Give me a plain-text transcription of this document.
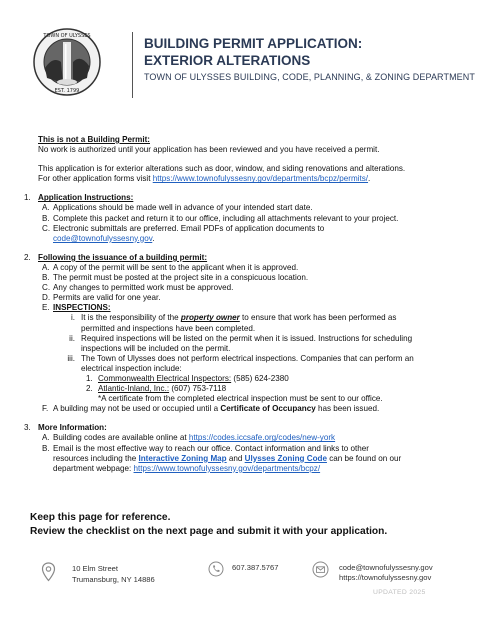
TOWN OF ULYSSES
EST. 1799
BUILDING PERMIT APPLICATION:
EXTERIOR ALTERATIONS
TOWN OF ULYSSES BUILDING, CODE, PLANNING, & ZONING DEPARTMENT

This is not a Building Permit:

No work is authorized until your application has been reviewed and you have received a permit.

This application is for exterior alterations such as door, window, and siding renovations and alterations.

For other application forms visit https://www.townofulyssesny.gov/departments/bcpz/permits/.

1. Application Instructions:
A. Applications should be made well in advance of your intended start date.
B. Complete this packet and return it to our office, including all attachments relevant to your project.
C. Electronic submittals are preferred. Email PDFs of application documents to
code@townofulyssesny.gov.
2. Following the issuance of a building permit:
A. A copy of the permit will be sent to the applicant when it is approved.
B. The permit must be posted at the project site in a conspicuous location.
C. Any changes to permitted work must be approved.
D. Permits are valid for one year.
E. INSPECTIONS:
i. It is the responsibility of the property owner to ensure that work has been performed as
permitted and inspections have been completed.
ii. Required inspections will be listed on the permit when it is issued. Instructions for scheduling
inspections will be included on the permit.
iii. The Town of Ulysses does not perform electrical inspections. Companies that can perform an
electrical inspection include:
1. Commonwealth Electrical Inspectors: (585) 624-2380
2. Atlantic-Inland, Inc.: (607) 753-7118
*A certificate from the completed electrical inspection must be sent to our office.
F. A building may not be used or occupied until a Certificate of Occupancy has been issued.
3. More Information:
A. Building codes are available online at https://codes.iccsafe.org/codes/new-york
B. Email is the most effective way to reach our office. Contact information and links to other
resources including the Interactive Zoning Map and Ulysses Zoning Code can be found on our
department webpage: https://www.townofulyssesny.gov/departments/bcpz/
Keep this page for reference.
Review the checklist on the next page and submit it with your application.
10 Elm Street
Trumansburg, NY 14886
607.387.5767	code@townofulyssesny.gov
https://townofulyssesny.gov
UPDATED 2025
